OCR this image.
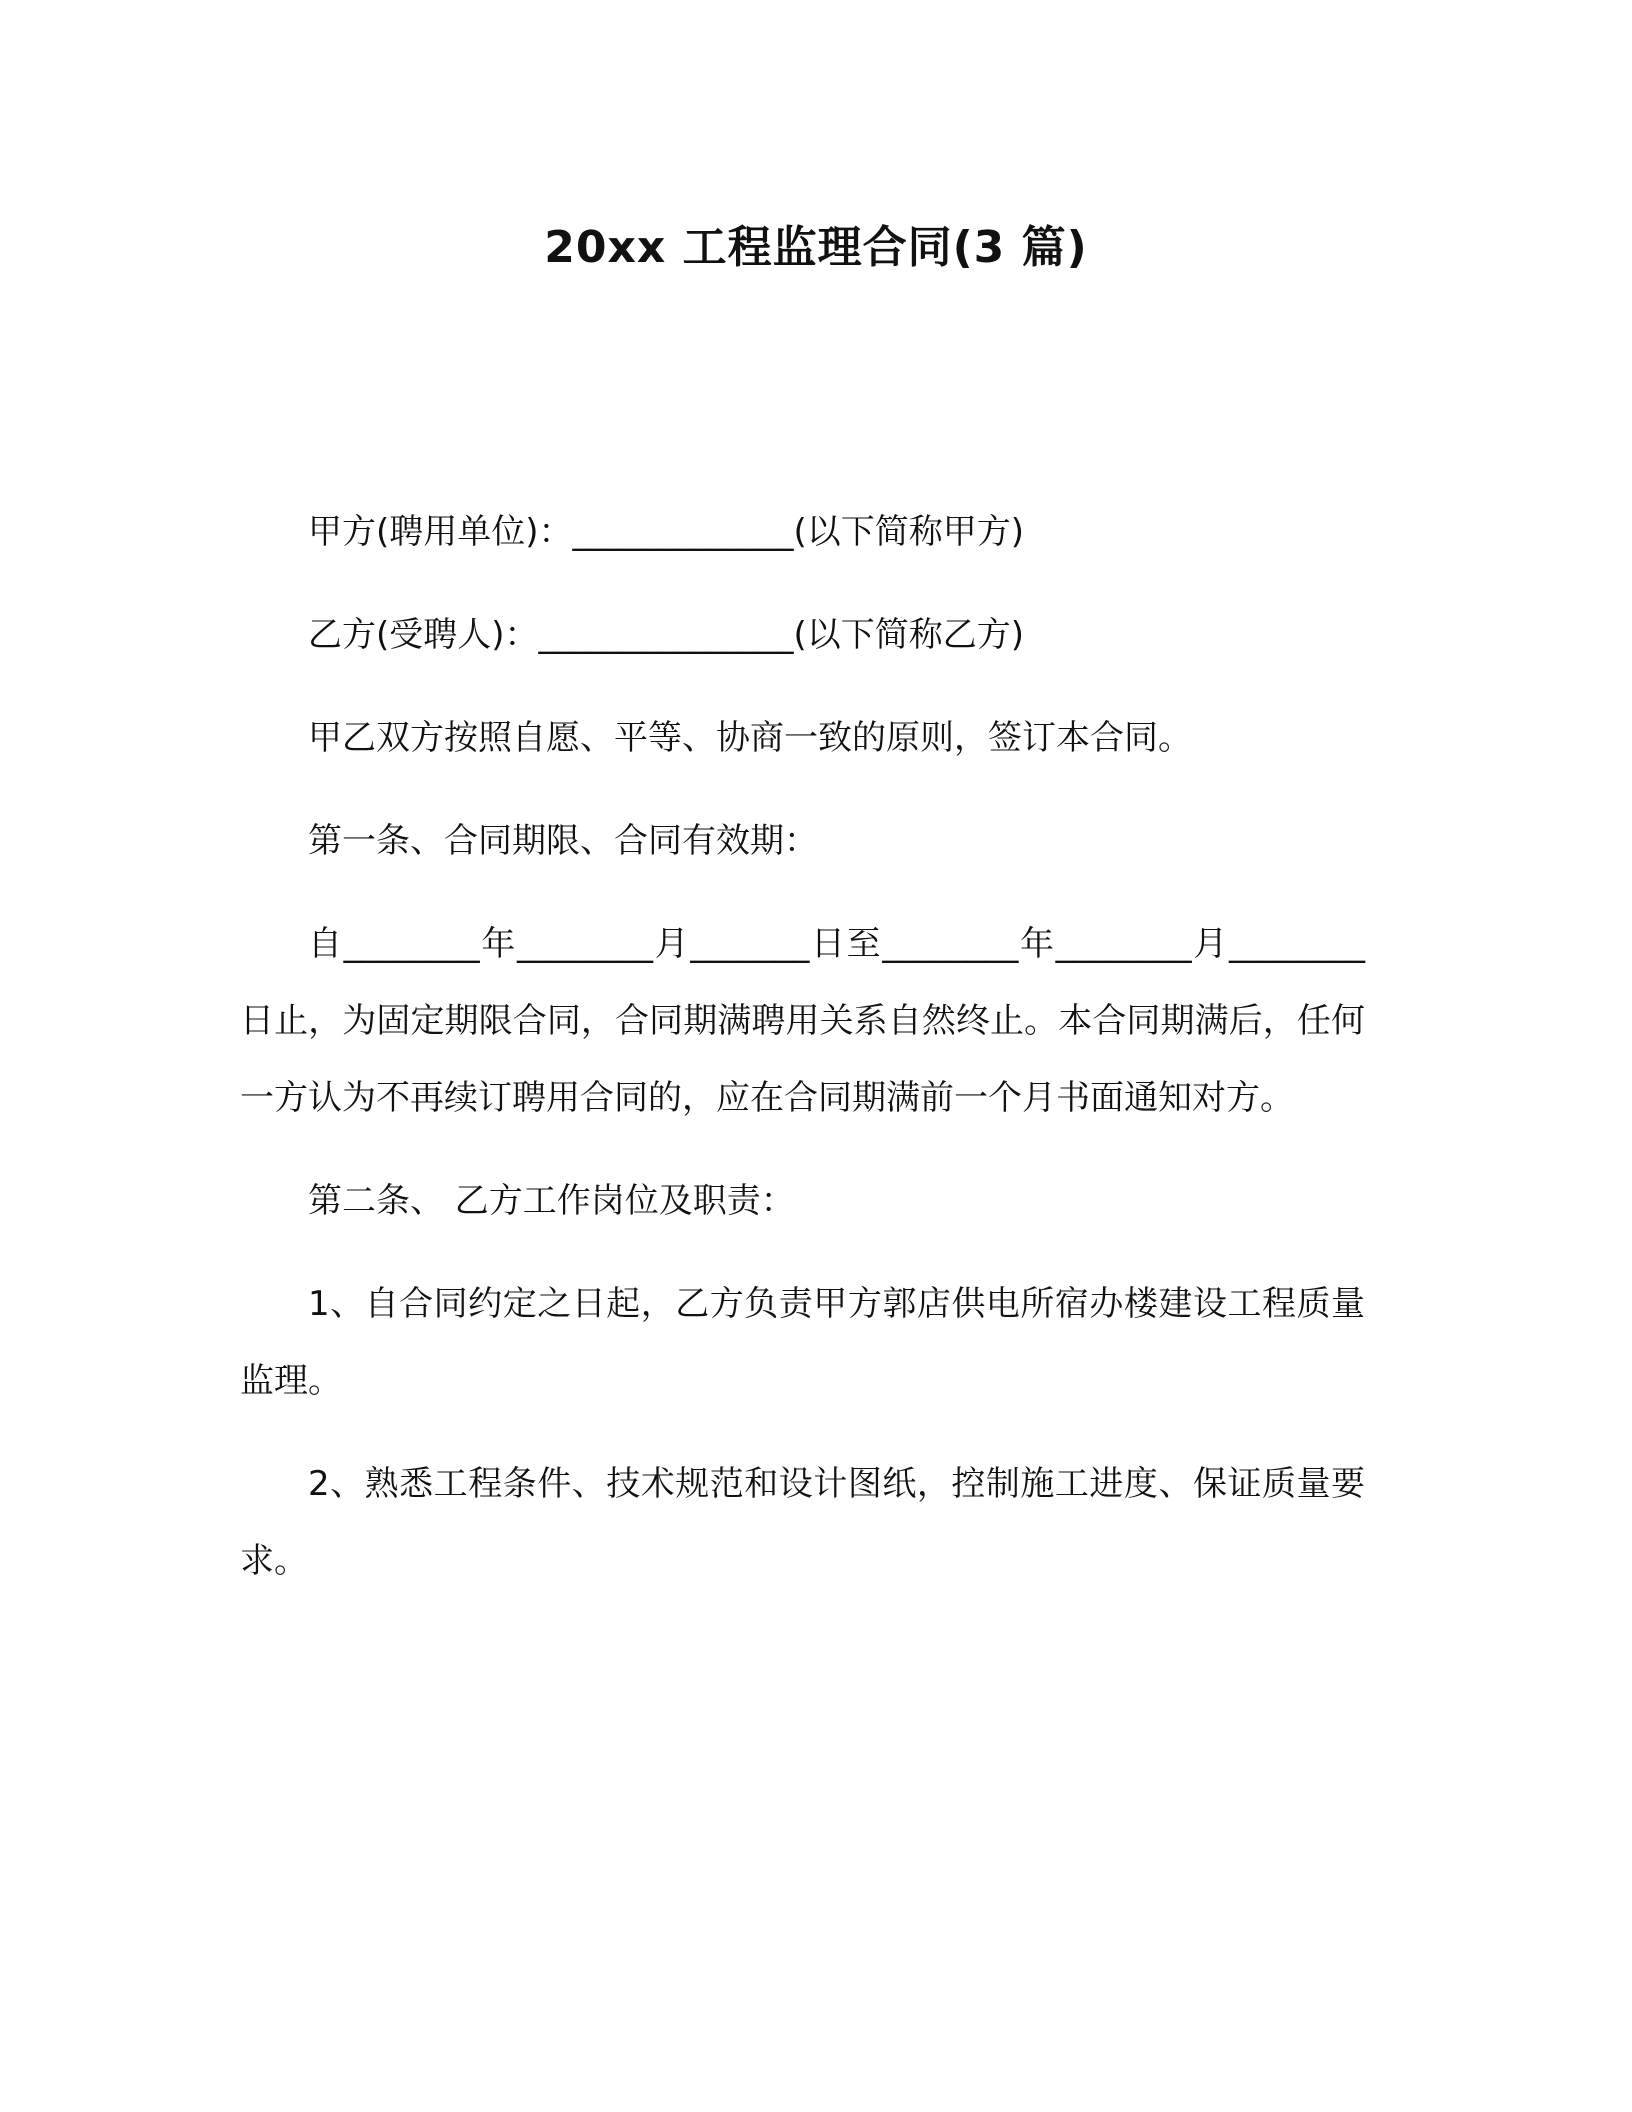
20xx 工程监理合同(3 篇)

甲方(聘用单位)：_____________(以下简称甲方)

乙方(受聘人)：_______________(以下简称乙方)

甲乙双方按照自愿、平等、协商一致的原则，签订本合同。

第一条、合同期限、合同有效期：

自________年________月_______日至________年________月________日止，为固定期限合同，合同期满聘用关系自然终止。本合同期满后，任何一方认为不再续订聘用合同的，应在合同期满前一个月书面通知对方。

第二条、 乙方工作岗位及职责：

1、自合同约定之日起，乙方负责甲方郭店供电所宿办楼建设工程质量监理。

2、熟悉工程条件、技术规范和设计图纸，控制施工进度、保证质量要求。
